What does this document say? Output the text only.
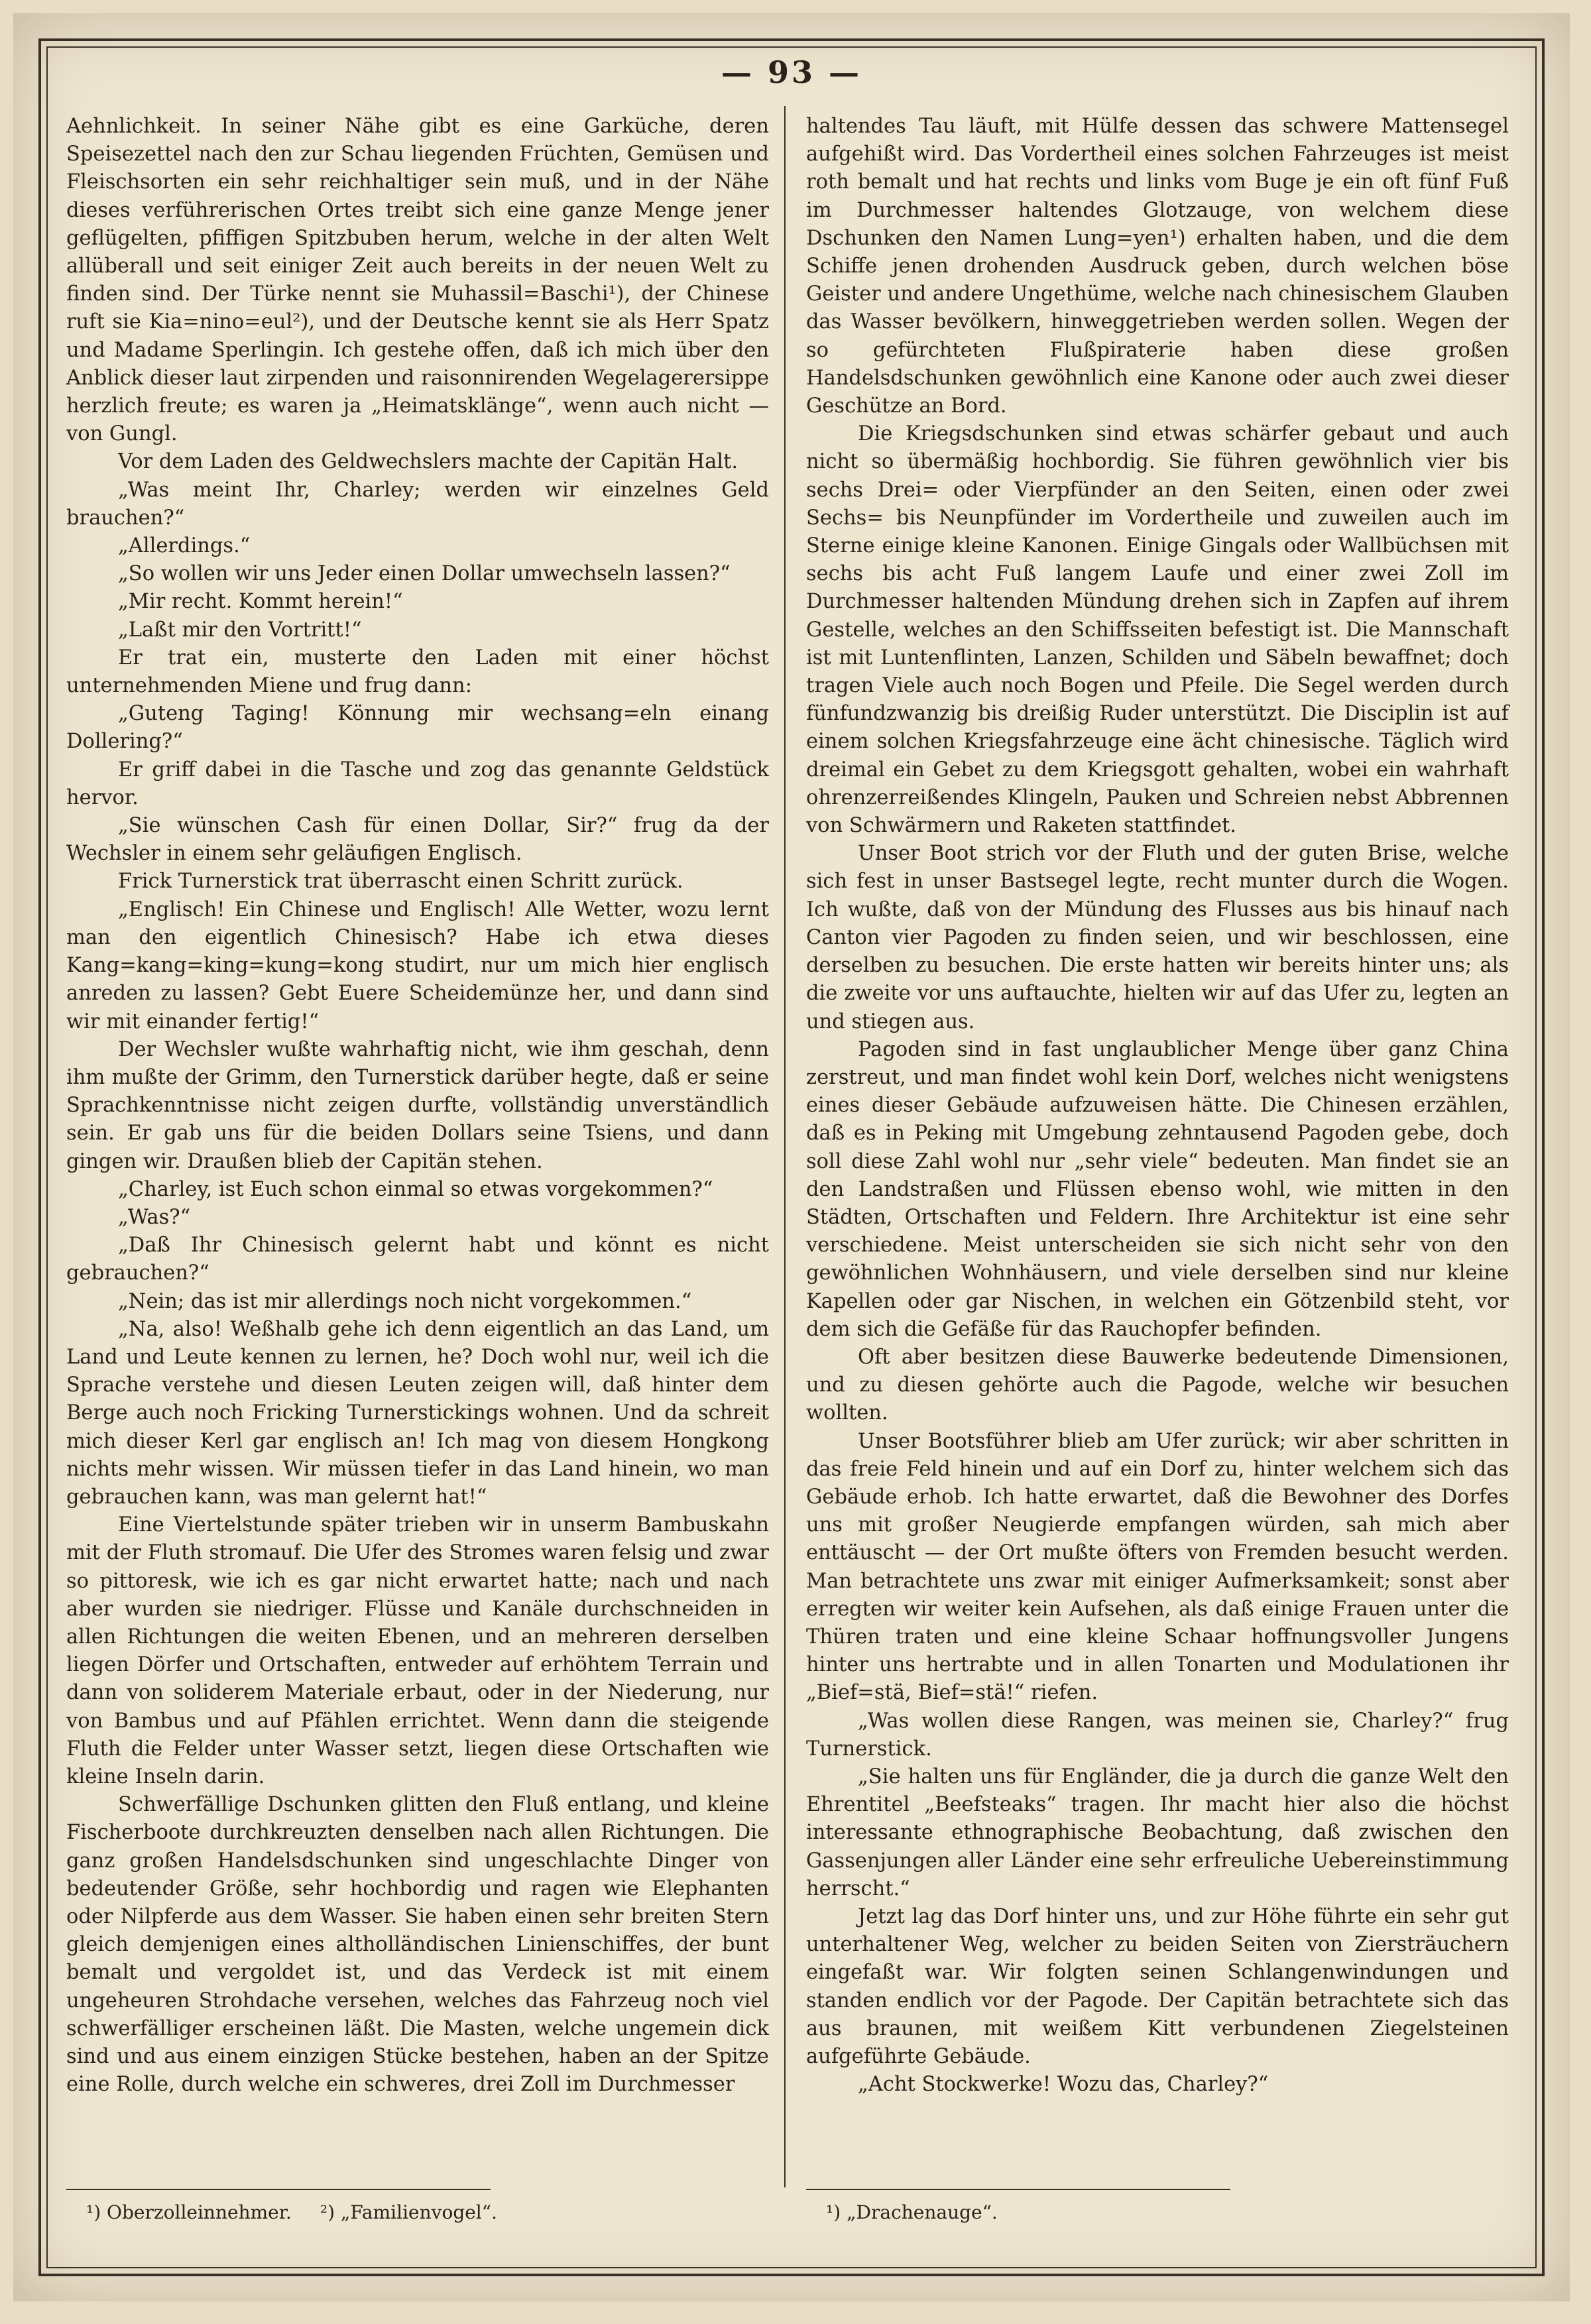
— 93 —

Aehnlichkeit. In seiner Nähe gibt es eine Garküche, deren Speisezettel nach den zur Schau liegenden Früchten, Gemüsen und Fleischsorten ein sehr reichhaltiger sein muß, und in der Nähe dieses verführerischen Ortes treibt sich eine ganze Menge jener geflügelten, pfiffigen Spitzbuben herum, welche in der alten Welt allüberall und seit einiger Zeit auch bereits in der neuen Welt zu finden sind. Der Türke nennt sie Muhassil=Baschi¹), der Chinese ruft sie Kia=nino=eul²), und der Deutsche kennt sie als Herr Spatz und Madame Sperlingin. Ich gestehe offen, daß ich mich über den Anblick dieser laut zirpenden und raisonnirenden Wegelagerersippe herzlich freute; es waren ja „Heimatsklänge“, wenn auch nicht — von Gungl.

Vor dem Laden des Geldwechslers machte der Capitän Halt.

„Was meint Ihr, Charley; werden wir einzelnes Geld brauchen?“

„Allerdings.“

„So wollen wir uns Jeder einen Dollar umwechseln lassen?“

„Mir recht. Kommt herein!“

„Laßt mir den Vortritt!“

Er trat ein, musterte den Laden mit einer höchst unternehmenden Miene und frug dann:

„Guteng Taging! Könnung mir wechsang=eln einang Dollering?“

Er griff dabei in die Tasche und zog das genannte Geldstück hervor.

„Sie wünschen Cash für einen Dollar, Sir?“ frug da der Wechsler in einem sehr geläufigen Englisch.

Frick Turnerstick trat überrascht einen Schritt zurück.

„Englisch! Ein Chinese und Englisch! Alle Wetter, wozu lernt man den eigentlich Chinesisch? Habe ich etwa dieses Kang=kang=king=kung=kong studirt, nur um mich hier englisch anreden zu lassen? Gebt Euere Scheidemünze her, und dann sind wir mit einander fertig!“

Der Wechsler wußte wahrhaftig nicht, wie ihm geschah, denn ihm mußte der Grimm, den Turnerstick darüber hegte, daß er seine Sprachkenntnisse nicht zeigen durfte, vollständig unverständlich sein. Er gab uns für die beiden Dollars seine Tsiens, und dann gingen wir. Draußen blieb der Capitän stehen.

„Charley, ist Euch schon einmal so etwas vorgekommen?“

„Was?“

„Daß Ihr Chinesisch gelernt habt und könnt es nicht gebrauchen?“

„Nein; das ist mir allerdings noch nicht vorgekommen.“

„Na, also! Weßhalb gehe ich denn eigentlich an das Land, um Land und Leute kennen zu lernen, he? Doch wohl nur, weil ich die Sprache verstehe und diesen Leuten zeigen will, daß hinter dem Berge auch noch Fricking Turnerstickings wohnen. Und da schreit mich dieser Kerl gar englisch an! Ich mag von diesem Hongkong nichts mehr wissen. Wir müssen tiefer in das Land hinein, wo man gebrauchen kann, was man gelernt hat!“

Eine Viertelstunde später trieben wir in unserm Bambuskahn mit der Fluth stromauf. Die Ufer des Stromes waren felsig und zwar so pittoresk, wie ich es gar nicht erwartet hatte; nach und nach aber wurden sie niedriger. Flüsse und Kanäle durchschneiden in allen Richtungen die weiten Ebenen, und an mehreren derselben liegen Dörfer und Ortschaften, entweder auf erhöhtem Terrain und dann von soliderem Materiale erbaut, oder in der Niederung, nur von Bambus und auf Pfählen errichtet. Wenn dann die steigende Fluth die Felder unter Wasser setzt, liegen diese Ortschaften wie kleine Inseln darin.

Schwerfällige Dschunken glitten den Fluß entlang, und kleine Fischerboote durchkreuzten denselben nach allen Richtungen. Die ganz großen Handelsdschunken sind ungeschlachte Dinger von bedeutender Größe, sehr hochbordig und ragen wie Elephanten oder Nilpferde aus dem Wasser. Sie haben einen sehr breiten Stern gleich demjenigen eines altholländischen Linienschiffes, der bunt bemalt und vergoldet ist, und das Verdeck ist mit einem ungeheuren Strohdache versehen, welches das Fahrzeug noch viel schwerfälliger erscheinen läßt. Die Masten, welche ungemein dick sind und aus einem einzigen Stücke bestehen, haben an der Spitze eine Rolle, durch welche ein schweres, drei Zoll im Durchmesser

haltendes Tau läuft, mit Hülfe dessen das schwere Mattensegel aufgehißt wird. Das Vordertheil eines solchen Fahrzeuges ist meist roth bemalt und hat rechts und links vom Buge je ein oft fünf Fuß im Durchmesser haltendes Glotzauge, von welchem diese Dschunken den Namen Lung=yen¹) erhalten haben, und die dem Schiffe jenen drohenden Ausdruck geben, durch welchen böse Geister und andere Ungethüme, welche nach chinesischem Glauben das Wasser bevölkern, hinweggetrieben werden sollen. Wegen der so gefürchteten Flußpiraterie haben diese großen Handelsdschunken gewöhnlich eine Kanone oder auch zwei dieser Geschütze an Bord.

Die Kriegsdschunken sind etwas schärfer gebaut und auch nicht so übermäßig hochbordig. Sie führen gewöhnlich vier bis sechs Drei= oder Vierpfünder an den Seiten, einen oder zwei Sechs= bis Neunpfünder im Vordertheile und zuweilen auch im Sterne einige kleine Kanonen. Einige Gingals oder Wallbüchsen mit sechs bis acht Fuß langem Laufe und einer zwei Zoll im Durchmesser haltenden Mündung drehen sich in Zapfen auf ihrem Gestelle, welches an den Schiffsseiten befestigt ist. Die Mannschaft ist mit Luntenflinten, Lanzen, Schilden und Säbeln bewaffnet; doch tragen Viele auch noch Bogen und Pfeile. Die Segel werden durch fünfundzwanzig bis dreißig Ruder unterstützt. Die Disciplin ist auf einem solchen Kriegsfahrzeuge eine ächt chinesische. Täglich wird dreimal ein Gebet zu dem Kriegsgott gehalten, wobei ein wahrhaft ohrenzerreißendes Klingeln, Pauken und Schreien nebst Abbrennen von Schwärmern und Raketen stattfindet.

Unser Boot strich vor der Fluth und der guten Brise, welche sich fest in unser Bastsegel legte, recht munter durch die Wogen. Ich wußte, daß von der Mündung des Flusses aus bis hinauf nach Canton vier Pagoden zu finden seien, und wir beschlossen, eine derselben zu besuchen. Die erste hatten wir bereits hinter uns; als die zweite vor uns auftauchte, hielten wir auf das Ufer zu, legten an und stiegen aus.

Pagoden sind in fast unglaublicher Menge über ganz China zerstreut, und man findet wohl kein Dorf, welches nicht wenigstens eines dieser Gebäude aufzuweisen hätte. Die Chinesen erzählen, daß es in Peking mit Umgebung zehntausend Pagoden gebe, doch soll diese Zahl wohl nur „sehr viele“ bedeuten. Man findet sie an den Landstraßen und Flüssen ebenso wohl, wie mitten in den Städten, Ortschaften und Feldern. Ihre Architektur ist eine sehr verschiedene. Meist unterscheiden sie sich nicht sehr von den gewöhnlichen Wohnhäusern, und viele derselben sind nur kleine Kapellen oder gar Nischen, in welchen ein Götzenbild steht, vor dem sich die Gefäße für das Rauchopfer befinden.

Oft aber besitzen diese Bauwerke bedeutende Dimensionen, und zu diesen gehörte auch die Pagode, welche wir besuchen wollten.

Unser Bootsführer blieb am Ufer zurück; wir aber schritten in das freie Feld hinein und auf ein Dorf zu, hinter welchem sich das Gebäude erhob. Ich hatte erwartet, daß die Bewohner des Dorfes uns mit großer Neugierde empfangen würden, sah mich aber enttäuscht — der Ort mußte öfters von Fremden besucht werden. Man betrachtete uns zwar mit einiger Aufmerksamkeit; sonst aber erregten wir weiter kein Aufsehen, als daß einige Frauen unter die Thüren traten und eine kleine Schaar hoffnungsvoller Jungens hinter uns hertrabte und in allen Tonarten und Modulationen ihr „Bief=stä, Bief=stä!“ riefen.

„Was wollen diese Rangen, was meinen sie, Charley?“ frug Turnerstick.

„Sie halten uns für Engländer, die ja durch die ganze Welt den Ehrentitel „Beefsteaks“ tragen. Ihr macht hier also die höchst interessante ethnographische Beobachtung, daß zwischen den Gassenjungen aller Länder eine sehr erfreuliche Uebereinstimmung herrscht.“

Jetzt lag das Dorf hinter uns, und zur Höhe führte ein sehr gut unterhaltener Weg, welcher zu beiden Seiten von Ziersträuchern eingefaßt war. Wir folgten seinen Schlangenwindungen und standen endlich vor der Pagode. Der Capitän betrachtete sich das aus braunen, mit weißem Kitt verbundenen Ziegelsteinen aufgeführte Gebäude.

„Acht Stockwerke! Wozu das, Charley?“

¹) Oberzolleinnehmer. ²) „Familienvogel“.	¹) „Drachenauge“.
